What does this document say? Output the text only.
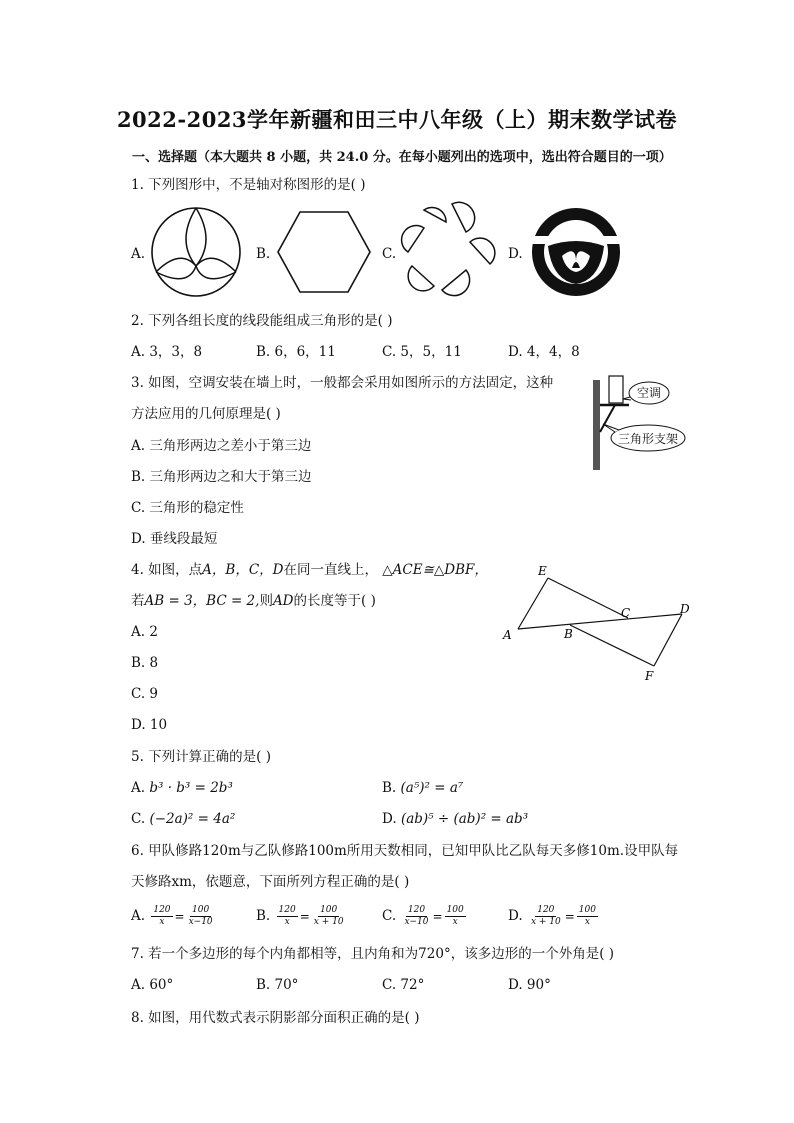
2022-2023学年新疆和田三中八年级（上）期末数学试卷
一、选择题（本大题共 8 小题，共 24.0 分。在每小题列出的选项中，选出符合题目的一项）
1. 下列图形中，不是轴对称图形的是( )
A.	B.	C.	D.
2. 下列各组长度的线段能组成三角形的是( )
A. 3，3，8	B. 6，6，11	C. 5，5，11	D. 4，4，8
3. 如图，空调安装在墙上时，一般都会采用如图所示的方法固定，这种
方法应用的几何原理是( )
A. 三角形两边之差小于第三边
B. 三角形两边之和大于第三边
C. 三角形的稳定性
D. 垂线段最短
空调
三角形支架
4. 如图，点A，B，C，D在同一直线上， △ACE≅△DBF，
若AB = 3，BC = 2,则AD的长度等于( )
A. 2
B. 8
C. 9
D. 10
E
C	D
A	B
F
5. 下列计算正确的是( )
A. b³ · b³ = 2b³	B. (a⁵)² = a⁷
C. (−2a)² = 4a²	D. (ab)⁵ ÷ (ab)² = ab³
6. 甲队修路120m与乙队修路100m所用天数相同，已知甲队比乙队每天多修10m.设甲队每
天修路xm，依题意，下面所列方程正确的是( )
A. $\frac{120}{x} = \frac{100}{x-10}$	B. $\frac{120}{x} = \frac{100}{x + 10}$	C. $\frac{120}{x-10} = \frac{100}{x}$	D. $\frac{120}{x + 10} = \frac{100}{x}$
7. 若一个多边形的每个内角都相等，且内角和为720°，该多边形的一个外角是( )
A. 60°	B. 70°	C. 72°	D. 90°
8. 如图，用代数式表示阴影部分面积正确的是( )
